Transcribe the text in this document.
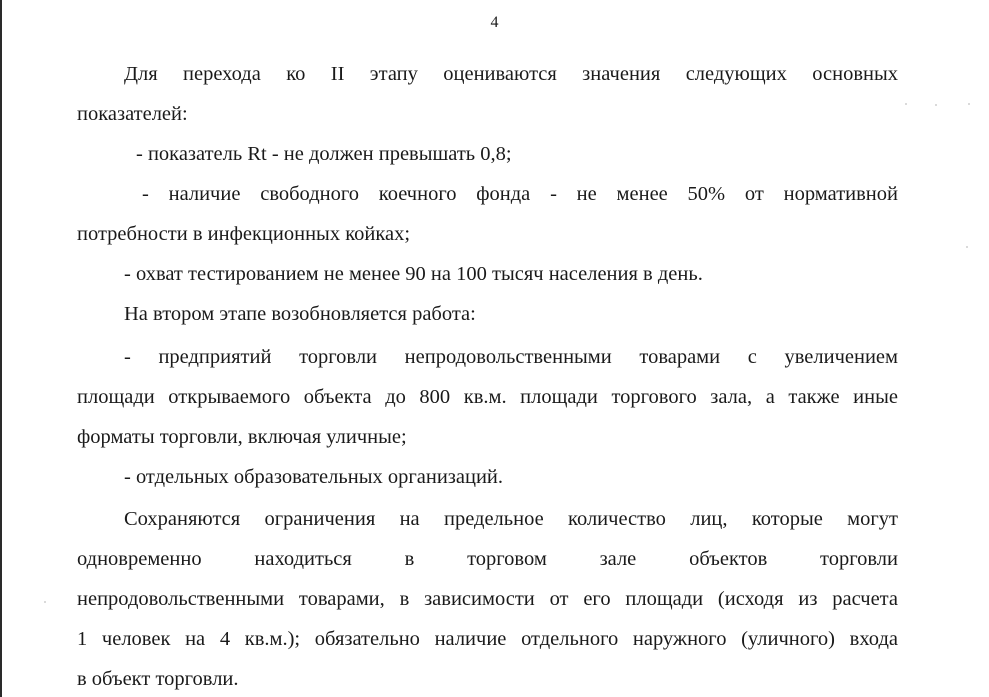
4
Для перехода ко II этапу оцениваются значения следующих основных
показателей:
- показатель Rt - не должен превышать 0,8;
- наличие свободного коечного фонда - не менее 50% от нормативной
потребности в инфекционных койках;
- охват тестированием не менее 90 на 100 тысяч населения в день.
На втором этапе возобновляется работа:
- предприятий торговли непродовольственными товарами с увеличением
площади открываемого объекта до 800 кв.м. площади торгового зала, а также иные
форматы торговли, включая уличные;
- отдельных образовательных организаций.
Сохраняются ограничения на предельное количество лиц, которые могут
одновременно находиться в торговом зале объектов торговли
непродовольственными товарами, в зависимости от его площади (исходя из расчета
1 человек на 4 кв.м.); обязательно наличие отдельного наружного (уличного) входа
в объект торговли.
